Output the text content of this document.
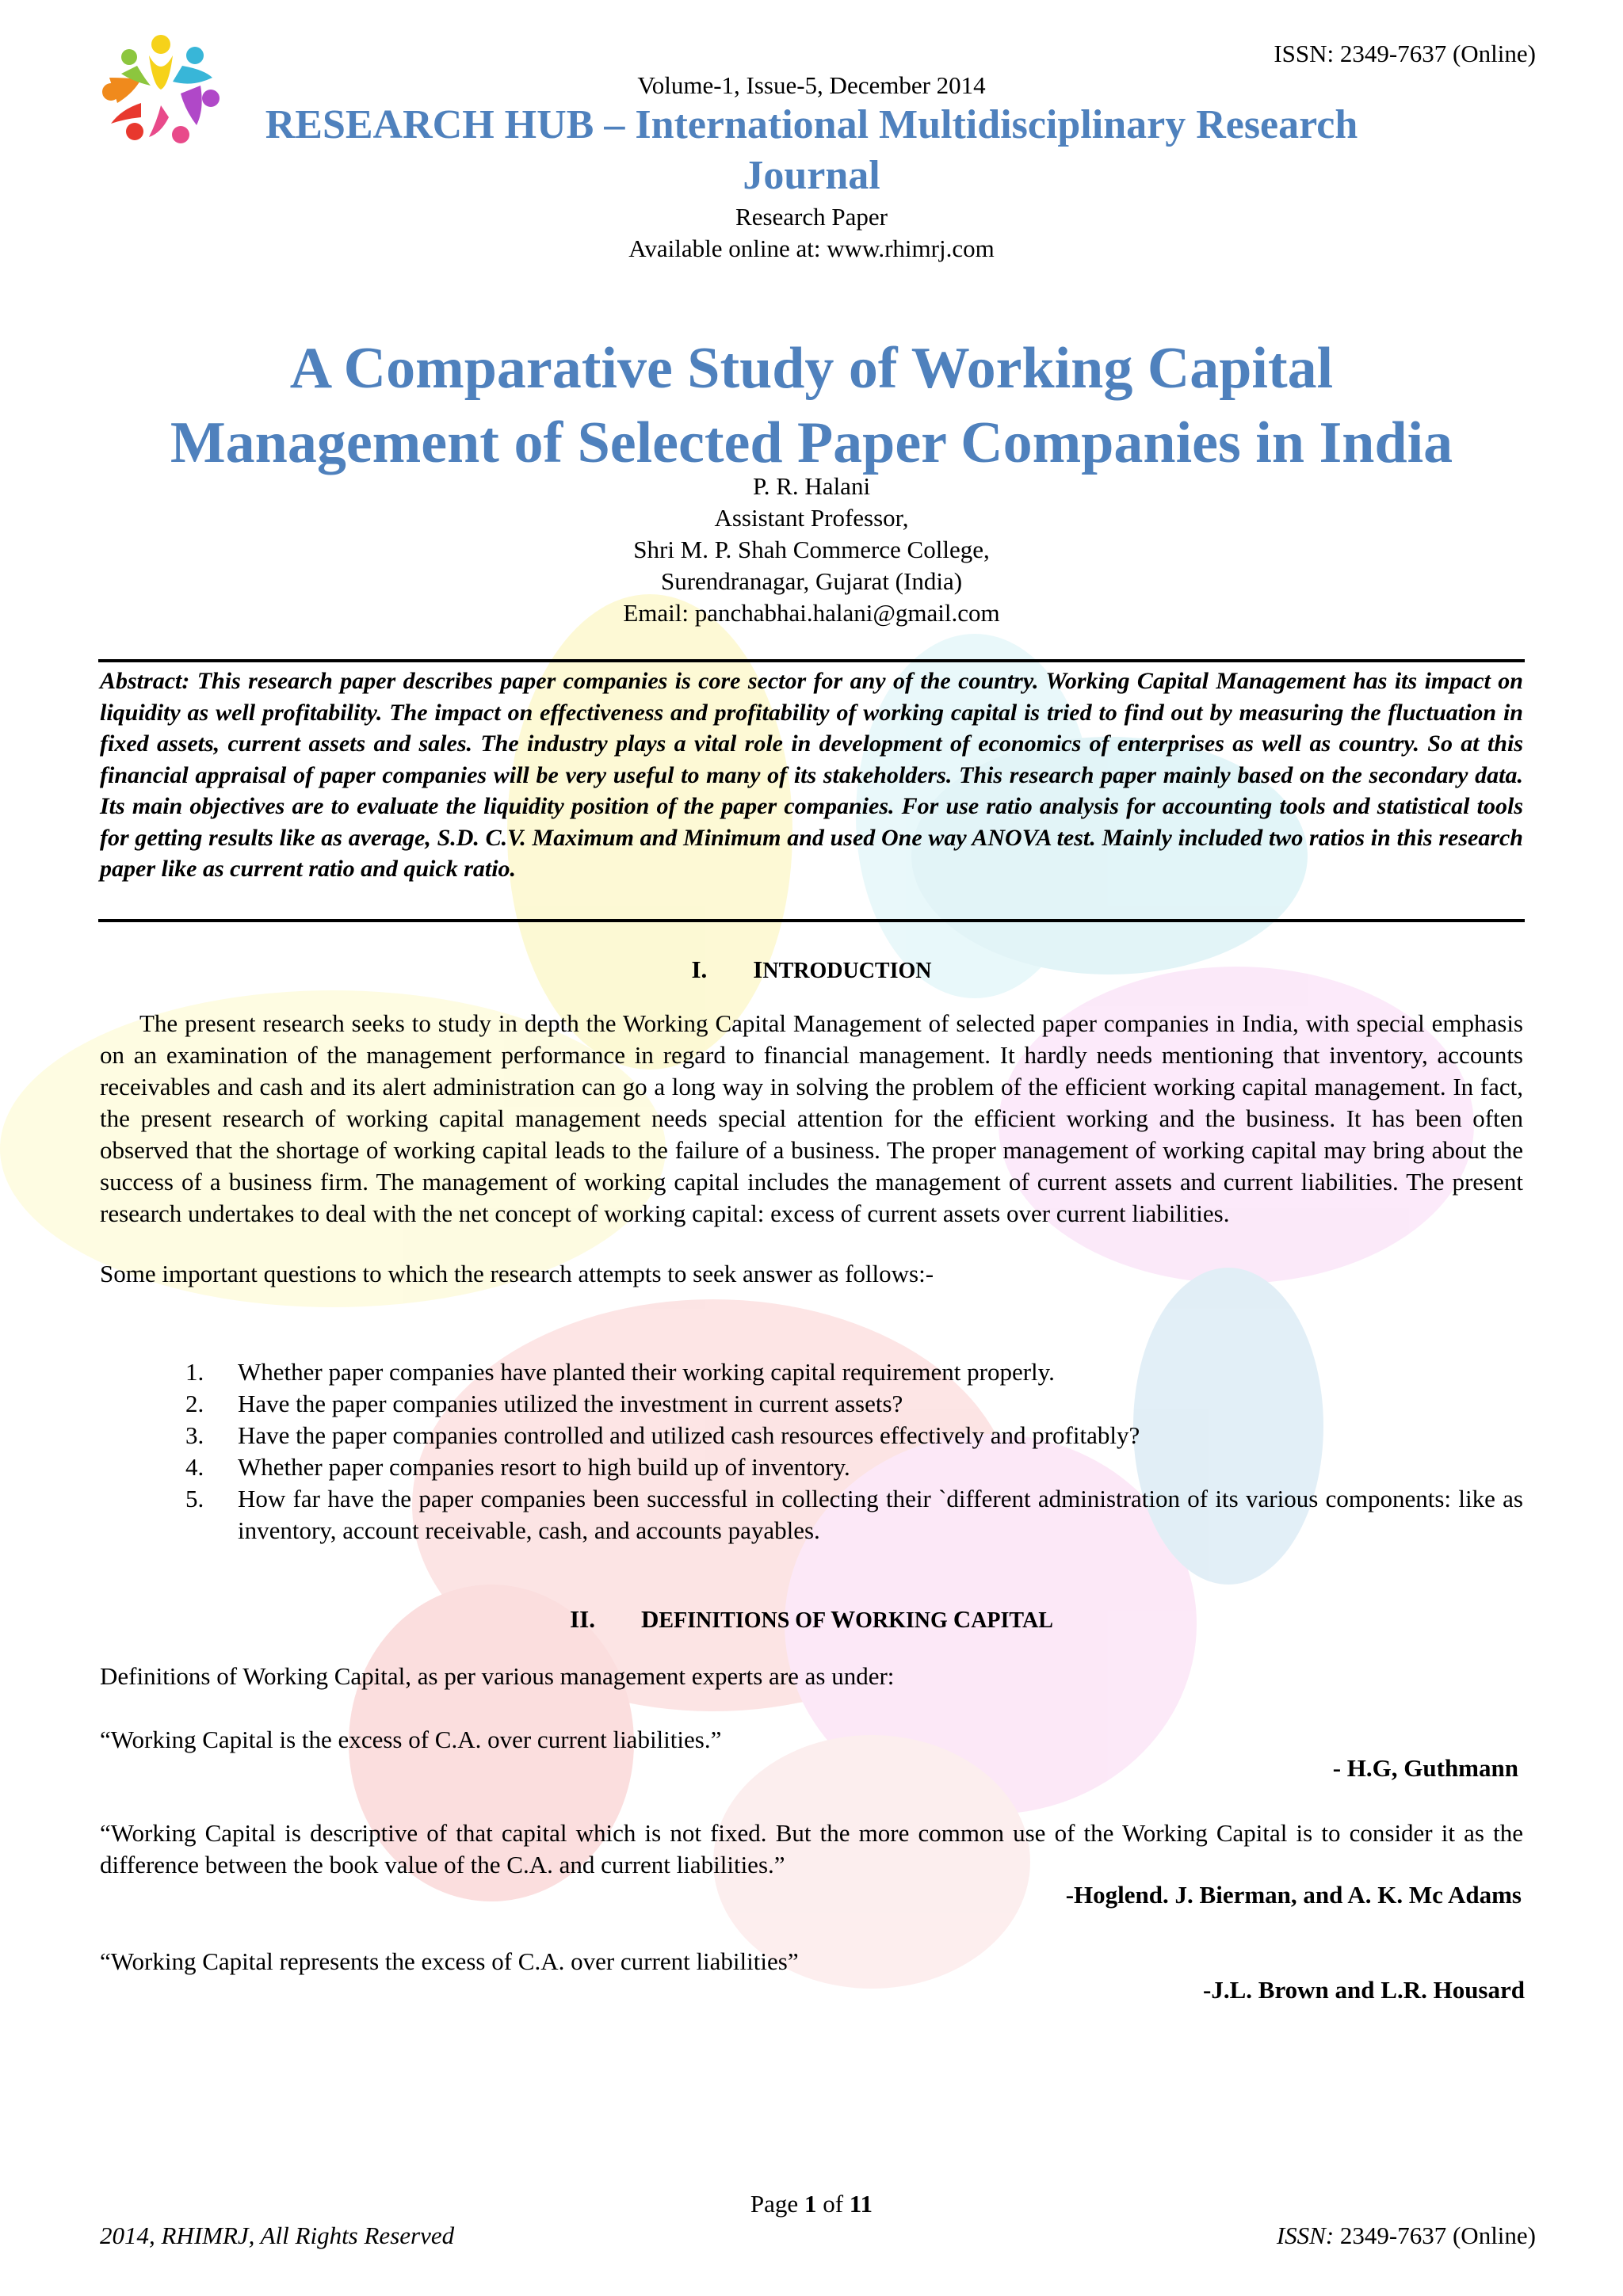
ISSN: 2349-7637 (Online)
Volume-1, Issue-5, December 2014
RESEARCH HUB – International Multidisciplinary Research
Journal
Research Paper
Available online at: www.rhimrj.com
A Comparative Study of Working Capital
Management of Selected Paper Companies in India
P. R. Halani
Assistant Professor,
Shri M. P. Shah Commerce College,
Surendranagar, Gujarat (India)
Email: panchabhai.halani@gmail.com
Abstract: This research paper describes paper companies is core sector for any of the country. Working Capital Management has its impact on liquidity as well profitability. The impact on effectiveness and profitability of working capital is tried to find out by measuring the fluctuation in fixed assets, current assets and sales. The industry plays a vital role in development of economics of enterprises as well as country. So at this financial appraisal of paper companies will be very useful to many of its stakeholders. This research paper mainly based on the secondary data. Its main objectives are to evaluate the liquidity position of the paper companies. For use ratio analysis for accounting tools and statistical tools for getting results like as average, S.D. C.V. Maximum and Minimum and used One way ANOVA test. Mainly included two ratios in this research paper like as current ratio and quick ratio.
I. INTRODUCTION
The present research seeks to study in depth the Working Capital Management of selected paper companies in India, with special emphasis on an examination of the management performance in regard to financial management. It hardly needs mentioning that inventory, accounts receivables and cash and its alert administration can go a long way in solving the problem of the efficient working capital management. In fact, the present research of working capital management needs special attention for the efficient working and the business. It has been often observed that the shortage of working capital leads to the failure of a business. The proper management of working capital may bring about the success of a business firm. The management of working capital includes the management of current assets and current liabilities. The present research undertakes to deal with the net concept of working capital: excess of current assets over current liabilities.
Some important questions to which the research attempts to seek answer as follows:-
1. Whether paper companies have planted their working capital requirement properly.
2. Have the paper companies utilized the investment in current assets?
3. Have the paper companies controlled and utilized cash resources effectively and profitably?
4. Whether paper companies resort to high build up of inventory.
5. How far have the paper companies been successful in collecting their `different administration of its various components: like as inventory, account receivable, cash, and accounts payables.
II. DEFINITIONS OF WORKING CAPITAL
Definitions of Working Capital, as per various management experts are as under:
“Working Capital is the excess of C.A. over current liabilities.”
- H.G, Guthmann
“Working Capital is descriptive of that capital which is not fixed. But the more common use of the Working Capital is to consider it as the difference between the book value of the C.A. and current liabilities.”
-Hoglend. J. Bierman, and A. K. Mc Adams
“Working Capital represents the excess of C.A. over current liabilities”
-J.L. Brown and L.R. Housard
Page 1 of 11
2014, RHIMRJ, All Rights Reserved	ISSN: 2349-7637 (Online)
